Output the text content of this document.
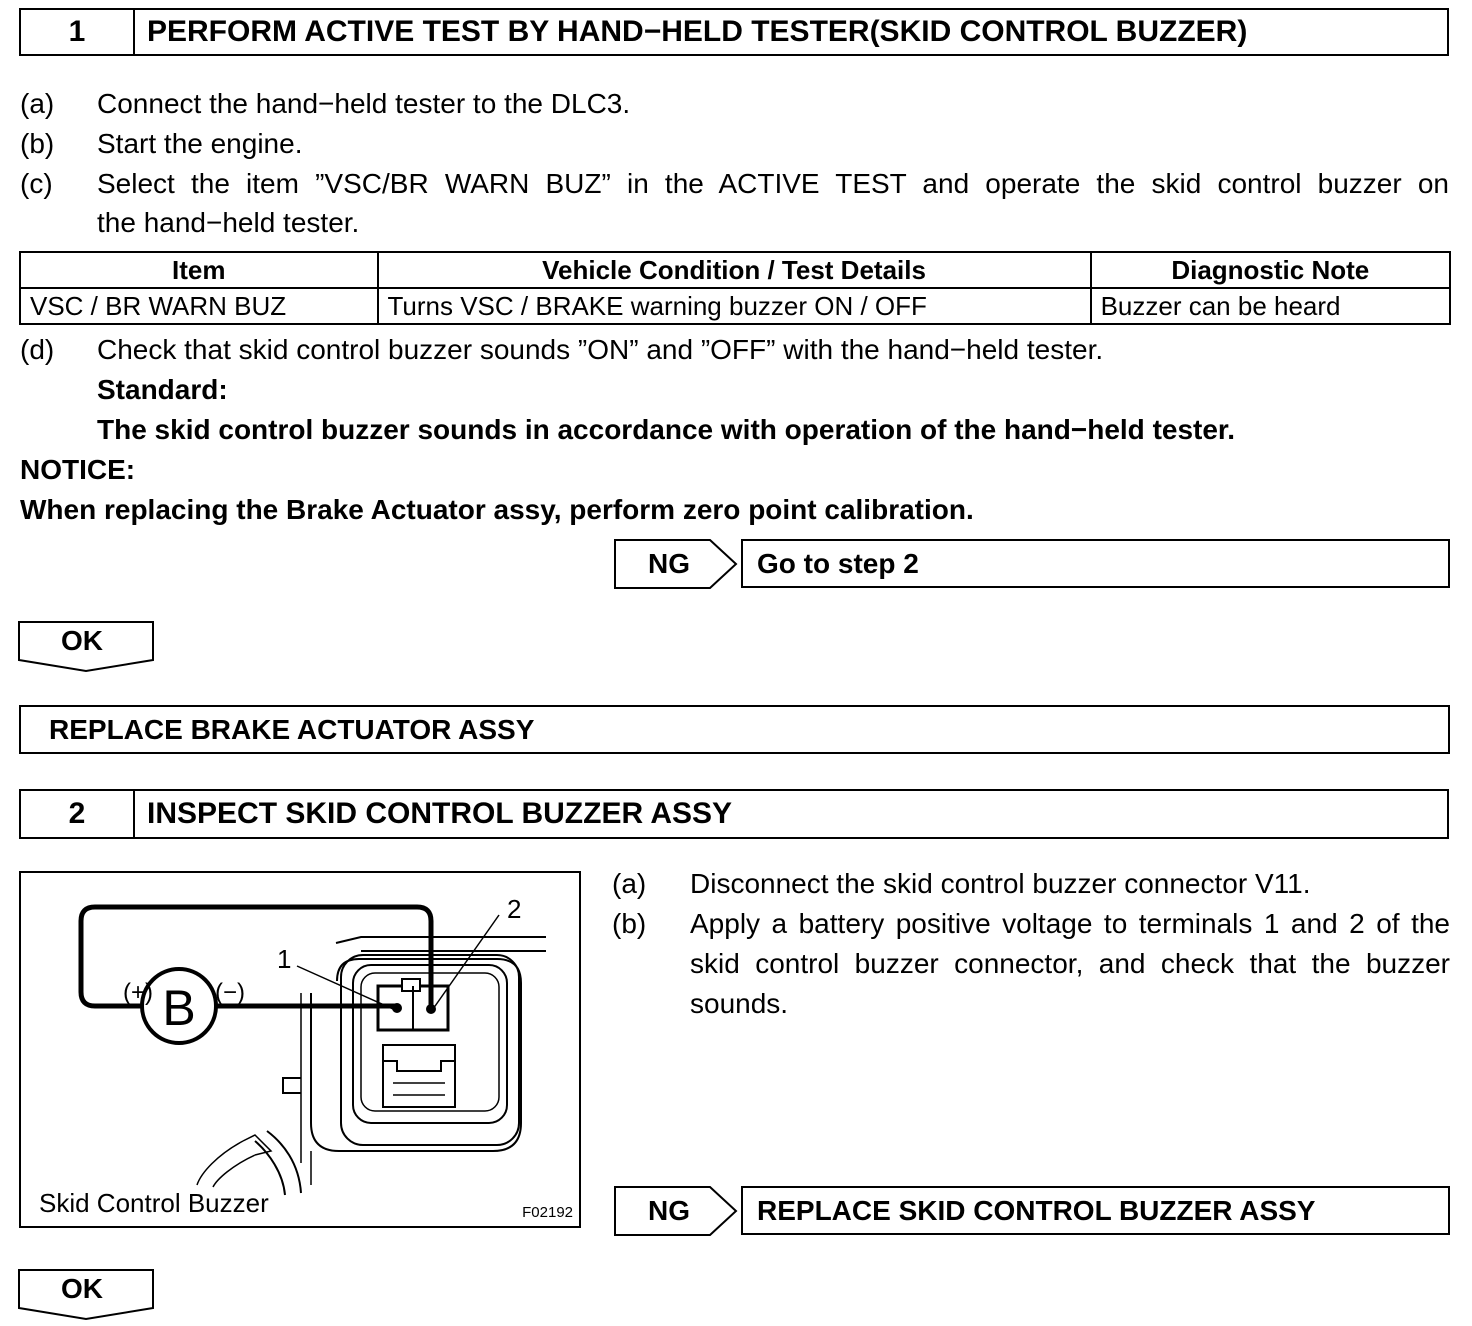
1	PERFORM ACTIVE TEST BY HAND−HELD TESTER(SKID CONTROL BUZZER)
(a) Connect the hand−held tester to the DLC3.
(b) Start the engine.
(c) Select the item ”VSC/BR WARN BUZ” in the ACTIVE TEST and operate the skid control buzzer on
the hand−held tester.
Item	Vehicle Condition / Test Details	Diagnostic Note
VSC / BR WARN BUZ	Turns VSC / BRAKE warning buzzer ON / OFF	Buzzer can be heard
(d) Check that skid control buzzer sounds ”ON” and ”OFF” with the hand−held tester.
Standard:
The skid control buzzer sounds in accordance with operation of the hand−held tester.
NOTICE:
When replacing the Brake Actuator assy, perform zero point calibration.
NG	Go to step 2
OK
REPLACE BRAKE ACTUATOR ASSY
2	INSPECT SKID CONTROL BUZZER ASSY
B
(+)	(−)
1
2
Skid Control Buzzer	F02192
(a) Disconnect the skid control buzzer connector V11.
(b) Apply a battery positive voltage to terminals 1 and 2 of the
skid control buzzer connector, and check that the buzzer
sounds.
NG	REPLACE SKID CONTROL BUZZER ASSY
OK
